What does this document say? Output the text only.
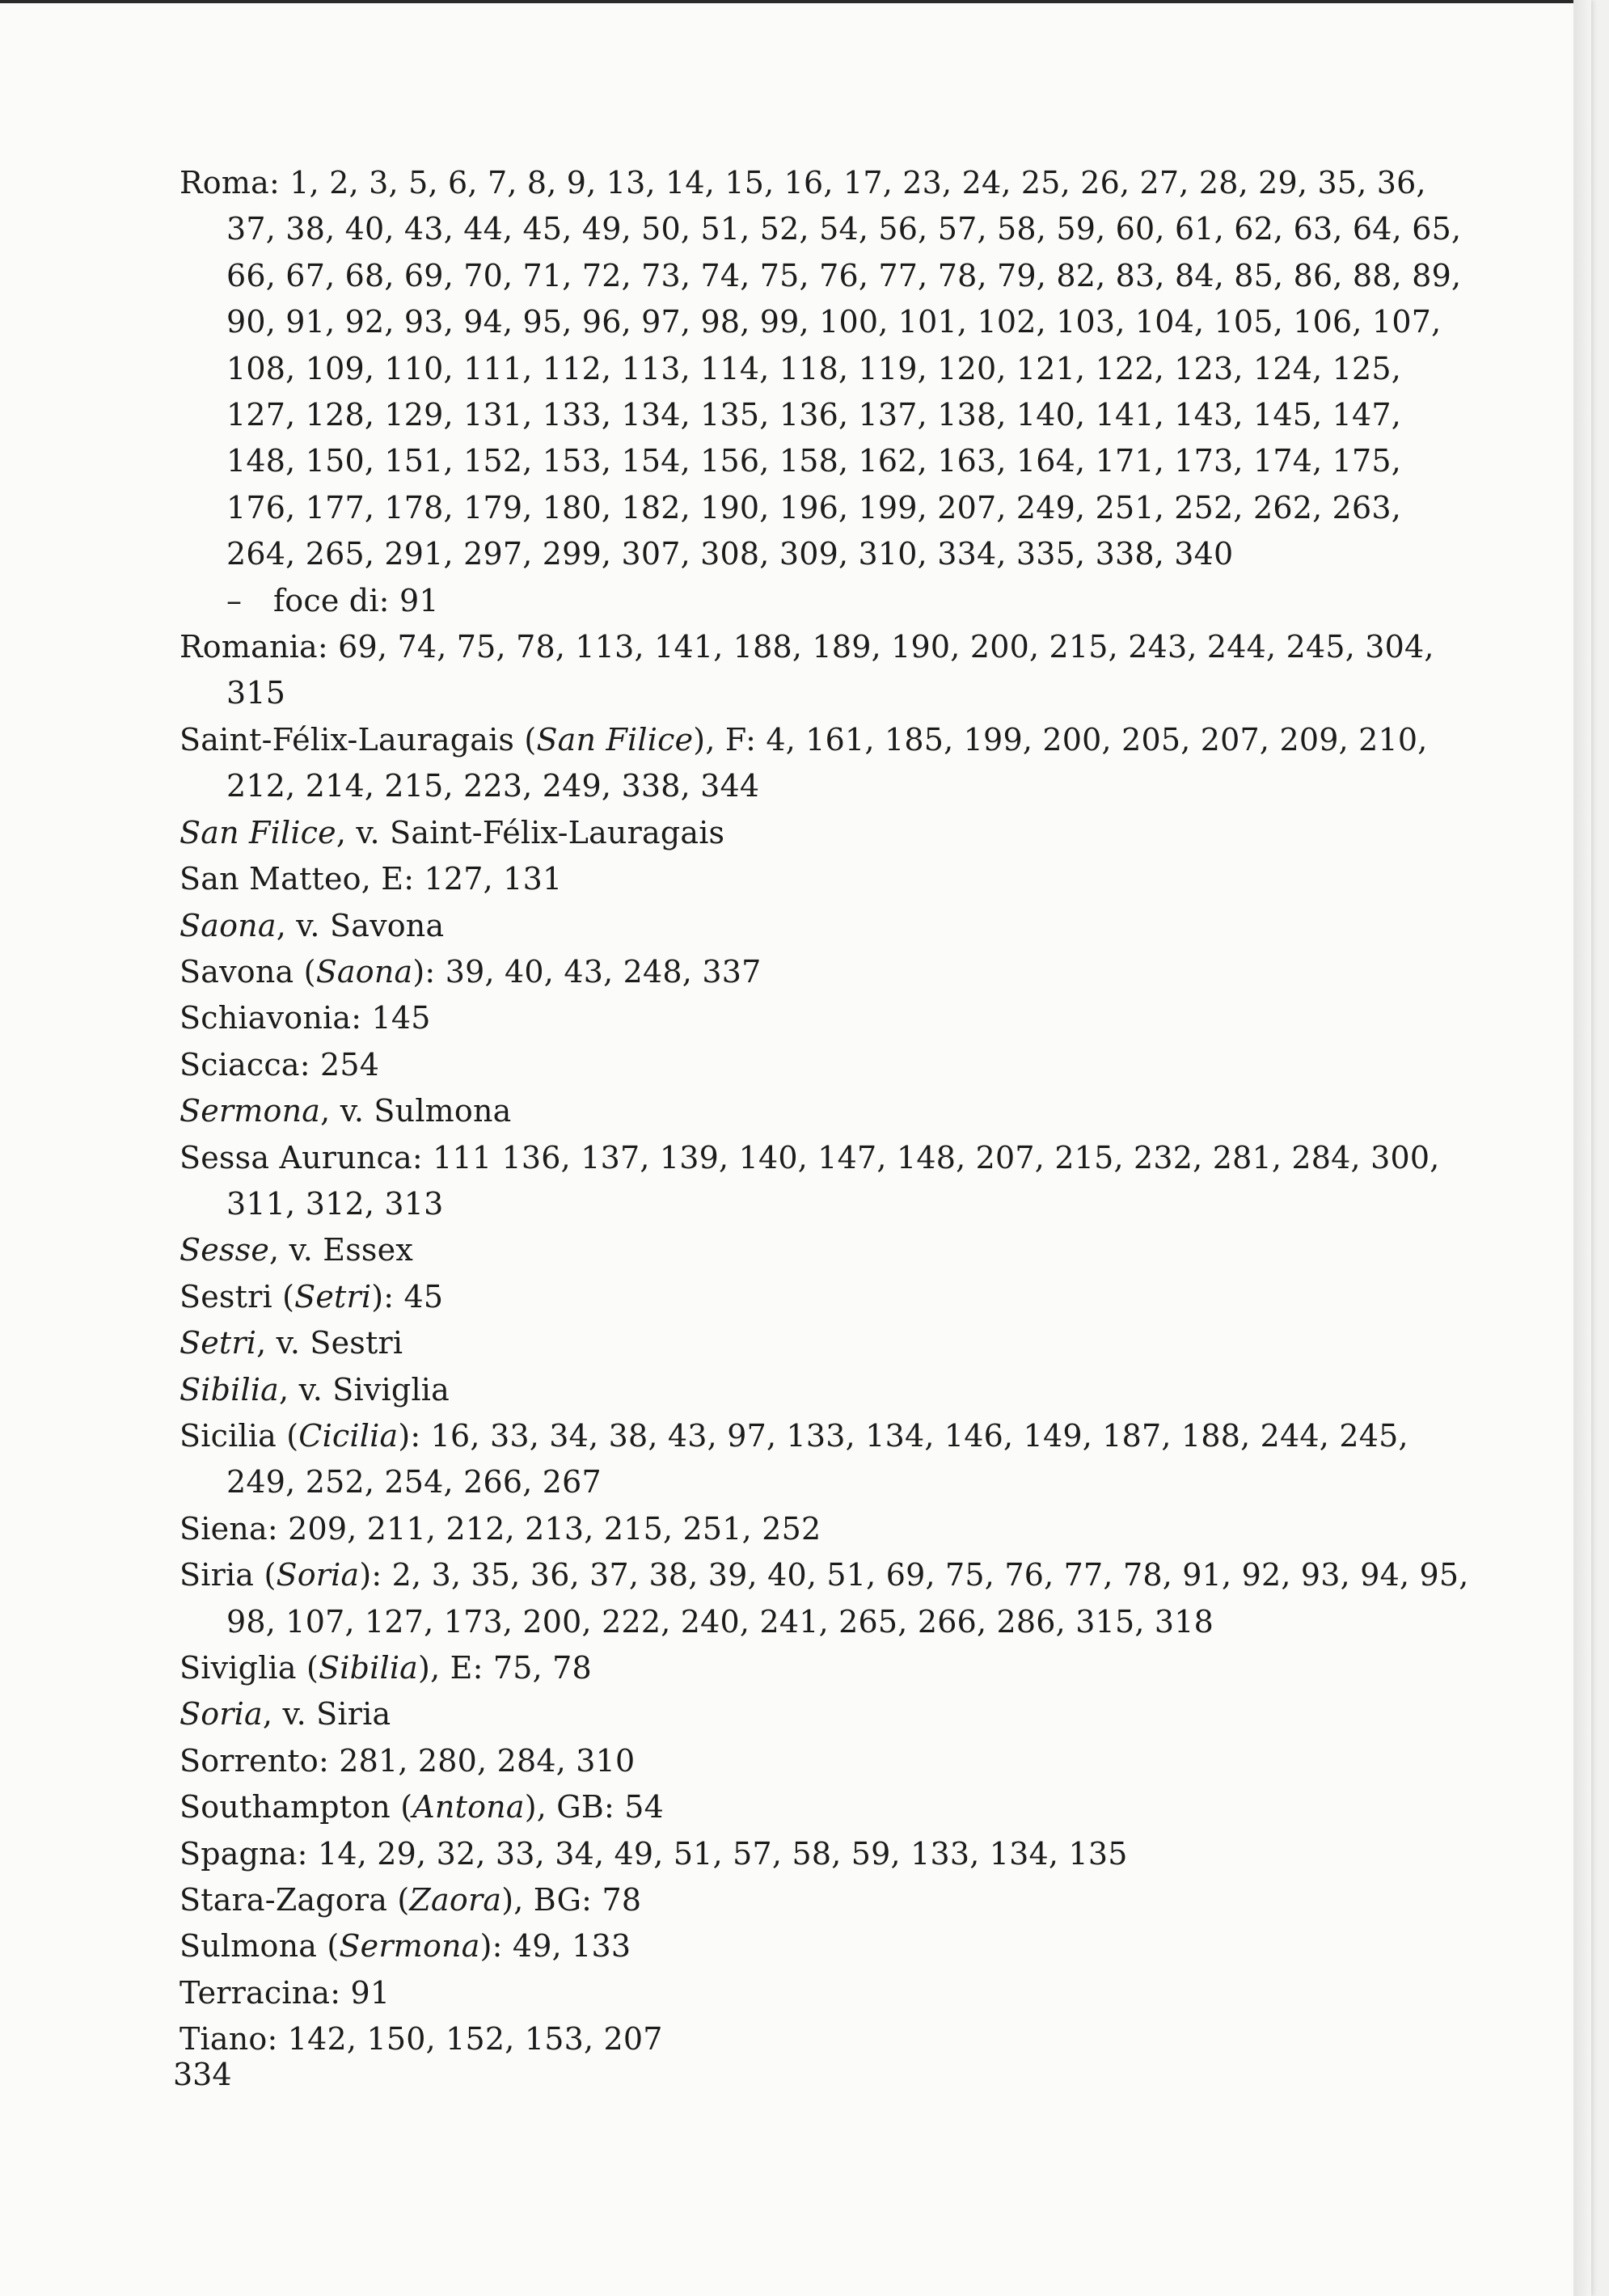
Roma: 1, 2, 3, 5, 6, 7, 8, 9, 13, 14, 15, 16, 17, 23, 24, 25, 26, 27, 28, 29, 35, 36, 37, 38, 40, 43, 44, 45, 49, 50, 51, 52, 54, 56, 57, 58, 59, 60, 61, 62, 63, 64, 65, 66, 67, 68, 69, 70, 71, 72, 73, 74, 75, 76, 77, 78, 79, 82, 83, 84, 85, 86, 88, 89, 90, 91, 92, 93, 94, 95, 96, 97, 98, 99, 100, 101, 102, 103, 104, 105, 106, 107, 108, 109, 110, 111, 112, 113, 114, 118, 119, 120, 121, 122, 123, 124, 125, 127, 128, 129, 131, 133, 134, 135, 136, 137, 138, 140, 141, 143, 145, 147, 148, 150, 151, 152, 153, 154, 156, 158, 162, 163, 164, 171, 173, 174, 175, 176, 177, 178, 179, 180, 182, 190, 196, 199, 207, 249, 251, 252, 262, 263, 264, 265, 291, 297, 299, 307, 308, 309, 310, 334, 335, 338, 340
– foce di: 91
Romania: 69, 74, 75, 78, 113, 141, 188, 189, 190, 200, 215, 243, 244, 245, 304, 315
Saint-Félix-Lauragais (San Filice), F: 4, 161, 185, 199, 200, 205, 207, 209, 210, 212, 214, 215, 223, 249, 338, 344
San Filice, v. Saint-Félix-Lauragais
San Matteo, E: 127, 131
Saona, v. Savona
Savona (Saona): 39, 40, 43, 248, 337
Schiavonia: 145
Sciacca: 254
Sermona, v. Sulmona
Sessa Aurunca: 111 136, 137, 139, 140, 147, 148, 207, 215, 232, 281, 284, 300, 311, 312, 313
Sesse, v. Essex
Sestri (Setri): 45
Setri, v. Sestri
Sibilia, v. Siviglia
Sicilia (Cicilia): 16, 33, 34, 38, 43, 97, 133, 134, 146, 149, 187, 188, 244, 245, 249, 252, 254, 266, 267
Siena: 209, 211, 212, 213, 215, 251, 252
Siria (Soria): 2, 3, 35, 36, 37, 38, 39, 40, 51, 69, 75, 76, 77, 78, 91, 92, 93, 94, 95, 98, 107, 127, 173, 200, 222, 240, 241, 265, 266, 286, 315, 318
Siviglia (Sibilia), E: 75, 78
Soria, v. Siria
Sorrento: 281, 280, 284, 310
Southampton (Antona), GB: 54
Spagna: 14, 29, 32, 33, 34, 49, 51, 57, 58, 59, 133, 134, 135
Stara-Zagora (Zaora), BG: 78
Sulmona (Sermona): 49, 133
Terracina: 91
Tiano: 142, 150, 152, 153, 207
334
